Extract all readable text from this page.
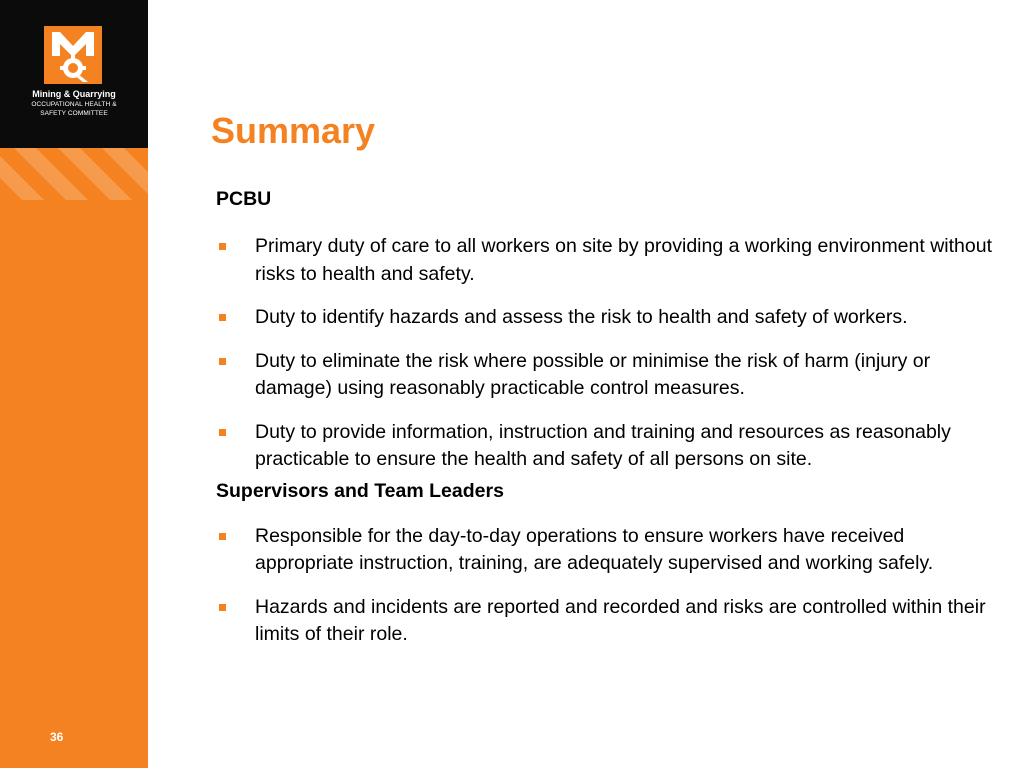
Mining & Quarrying
OCCUPATIONAL HEALTH &
SAFETY COMMITTEE
36
Summary
PCBU
Primary duty of care to all workers on site by providing a working environment without risks to health and safety.
Duty to identify hazards and assess the risk to health and safety of workers.
Duty to eliminate the risk where possible or minimise the risk of harm (injury or damage) using reasonably practicable control measures.
Duty to provide information, instruction and training and resources as reasonably practicable to ensure the health and safety of all persons on site.
Supervisors and Team Leaders
Responsible for the day-to-day operations to ensure workers have received appropriate instruction, training, are adequately supervised and working safely.
Hazards and incidents are reported and recorded and risks are controlled within their limits of their role.
